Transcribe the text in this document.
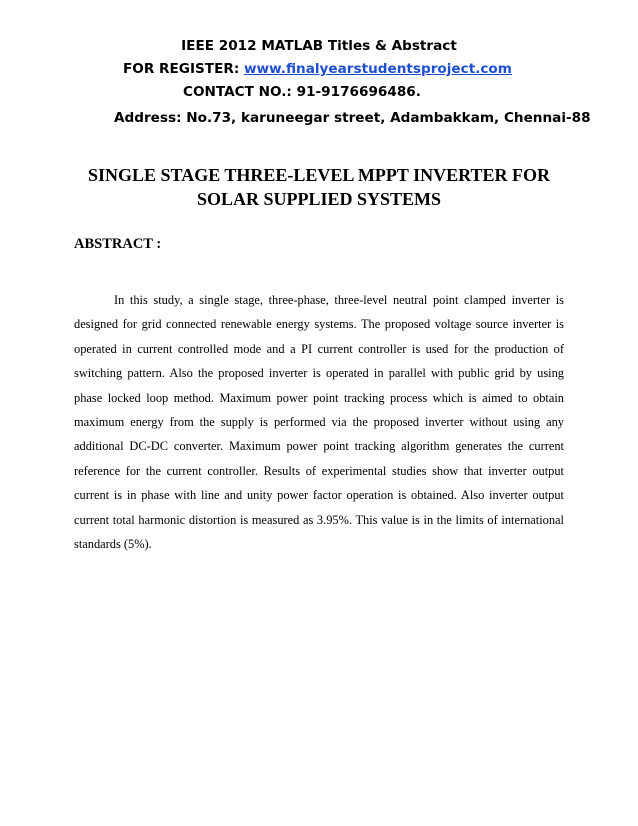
IEEE 2012 MATLAB Titles & Abstract
FOR REGISTER: www.finalyearstudentsproject.com
CONTACT NO.: 91-9176696486.
Address: No.73, karuneegar street, Adambakkam, Chennai-88
SINGLE STAGE THREE-LEVEL MPPT INVERTER FOR
SOLAR SUPPLIED SYSTEMS
ABSTRACT :
In this study, a single stage, three-phase, three-level neutral point clamped inverter is
designed for grid connected renewable energy systems. The proposed voltage source inverter is
operated in current controlled mode and a PI current controller is used for the production of
switching pattern. Also the proposed inverter is operated in parallel with public grid by using
phase locked loop method. Maximum power point tracking process which is aimed to obtain
maximum energy from the supply is performed via the proposed inverter without using any
additional DC-DC converter. Maximum power point tracking algorithm generates the current
reference for the current controller. Results of experimental studies show that inverter output
current is in phase with line and unity power factor operation is obtained. Also inverter output
current total harmonic distortion is measured as 3.95%. This value is in the limits of international
standards (5%).
